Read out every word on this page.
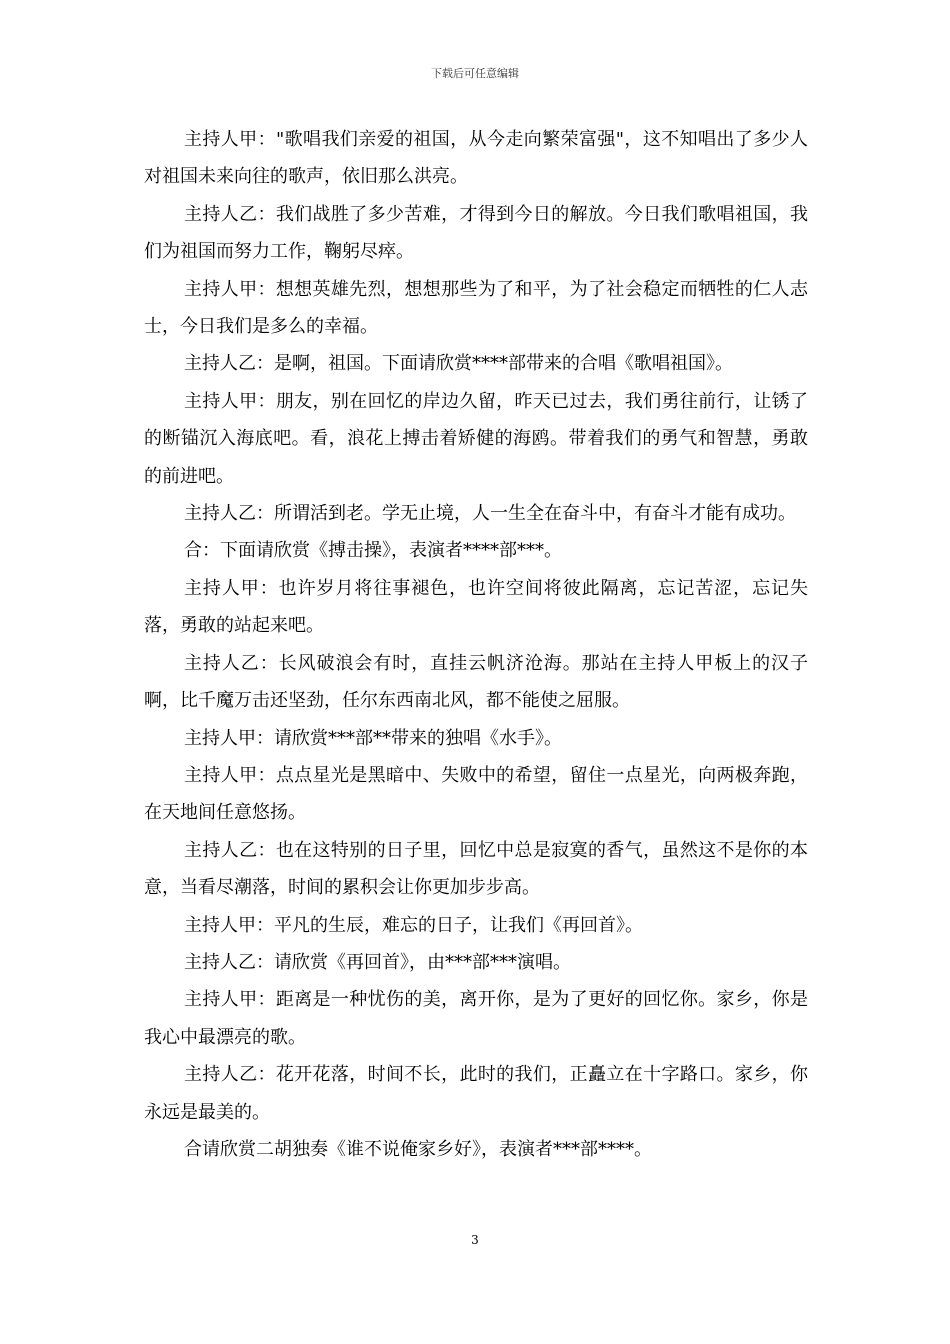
下载后可任意编辑

主持人甲："歌唱我们亲爱的祖国，从今走向繁荣富强"，这不知唱出了多少人对祖国未来向往的歌声，依旧那么洪亮。

主持人乙：我们战胜了多少苦难，才得到今日的解放。今日我们歌唱祖国，我们为祖国而努力工作，鞠躬尽瘁。

主持人甲：想想英雄先烈，想想那些为了和平，为了社会稳定而牺牲的仁人志士，今日我们是多么的幸福。

主持人乙：是啊，祖国。下面请欣赏****部带来的合唱《歌唱祖国》。

主持人甲：朋友，别在回忆的岸边久留，昨天已过去，我们勇往前行，让锈了的断锚沉入海底吧。看，浪花上搏击着矫健的海鸥。带着我们的勇气和智慧，勇敢的前进吧。

主持人乙：所谓活到老。学无止境，人一生全在奋斗中，有奋斗才能有成功。

合：下面请欣赏《搏击操》，表演者****部***。

主持人甲：也许岁月将往事褪色，也许空间将彼此隔离，忘记苦涩，忘记失落，勇敢的站起来吧。

主持人乙：长风破浪会有时，直挂云帆济沧海。那站在主持人甲板上的汉子啊，比千魔万击还坚劲，任尔东西南北风，都不能使之屈服。

主持人甲：请欣赏***部**带来的独唱《水手》。

主持人甲：点点星光是黑暗中、失败中的希望，留住一点星光，向两极奔跑，在天地间任意悠扬。

主持人乙：也在这特别的日子里，回忆中总是寂寞的香气，虽然这不是你的本意，当看尽潮落，时间的累积会让你更加步步高。

主持人甲：平凡的生辰，难忘的日子，让我们《再回首》。

主持人乙：请欣赏《再回首》，由***部***演唱。

主持人甲：距离是一种忧伤的美，离开你，是为了更好的回忆你。家乡，你是我心中最漂亮的歌。

主持人乙：花开花落，时间不长，此时的我们，正矗立在十字路口。家乡，你永远是最美的。

合请欣赏二胡独奏《谁不说俺家乡好》，表演者***部****。

3
